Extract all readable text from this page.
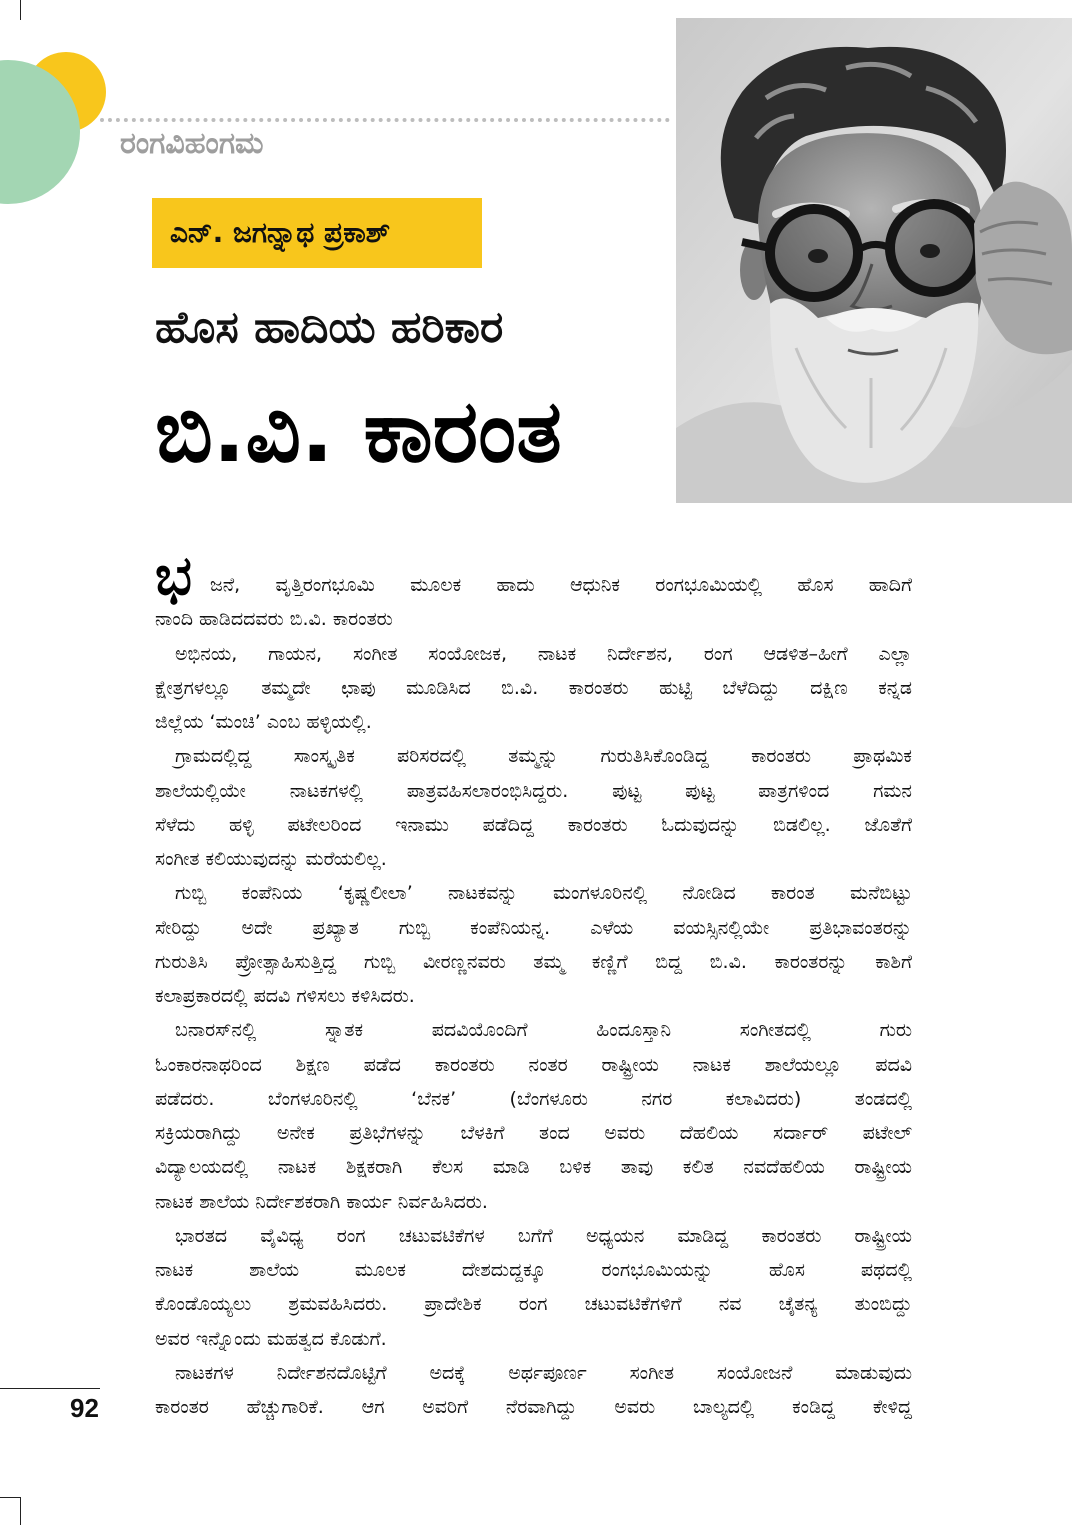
ರಂಗವಿಹಂಗಮ
ಎನ್. ಜಗನ್ನಾಥ ಪ್ರಕಾಶ್
ಹೊಸ ಹಾದಿಯ ಹರಿಕಾರ
ಬಿ.ವಿ. ಕಾರಂತ
ಭ ಜನೆ, ವೃತ್ತಿರಂಗಭೂಮಿ ಮೂಲಕ ಹಾದು ಆಧುನಿಕ ರಂಗಭೂಮಿಯಲ್ಲಿ ಹೊಸ ಹಾದಿಗೆ
ನಾಂದಿ ಹಾಡಿದದವರು ಬಿ.ವಿ. ಕಾರಂತರು
ಅಭಿನಯ, ಗಾಯನ, ಸಂಗೀತ ಸಂಯೋಜಕ, ನಾಟಕ ನಿರ್ದೇಶನ, ರಂಗ ಆಡಳಿತ–ಹೀಗೆ ಎಲ್ಲಾ
ಕ್ಷೇತ್ರಗಳಲ್ಲೂ ತಮ್ಮದೇ ಛಾಪು ಮೂಡಿಸಿದ ಬಿ.ವಿ. ಕಾರಂತರು ಹುಟ್ಟಿ ಬೆಳೆದಿದ್ದು ದಕ್ಷಿಣ ಕನ್ನಡ
ಜಿಲ್ಲೆಯ ‘ಮಂಚಿ’ ಎಂಬ ಹಳ್ಳಿಯಲ್ಲಿ.
ಗ್ರಾಮದಲ್ಲಿದ್ದ ಸಾಂಸ್ಕೃತಿಕ ಪರಿಸರದಲ್ಲಿ ತಮ್ಮನ್ನು ಗುರುತಿಸಿಕೊಂಡಿದ್ದ ಕಾರಂತರು ಪ್ರಾಥಮಿಕ
ಶಾಲೆಯಲ್ಲಿಯೇ ನಾಟಕಗಳಲ್ಲಿ ಪಾತ್ರವಹಿಸಲಾರಂಭಿಸಿದ್ದರು. ಪುಟ್ಟ ಪುಟ್ಟ ಪಾತ್ರಗಳಿಂದ ಗಮನ
ಸೆಳೆದು ಹಳ್ಳಿ ಪಟೇಲರಿಂದ ಇನಾಮು ಪಡೆದಿದ್ದ ಕಾರಂತರು ಓದುವುದನ್ನು ಬಿಡಲಿಲ್ಲ. ಜೊತೆಗೆ
ಸಂಗೀತ ಕಲಿಯುವುದನ್ನು ಮರೆಯಲಿಲ್ಲ.
ಗುಬ್ಬಿ ಕಂಪೆನಿಯ ‘ಕೃಷ್ಣಲೀಲಾ’ ನಾಟಕವನ್ನು ಮಂಗಳೂರಿನಲ್ಲಿ ನೋಡಿದ ಕಾರಂತ ಮನೆಬಿಟ್ಟು
ಸೇರಿದ್ದು ಅದೇ ಪ್ರಖ್ಯಾತ ಗುಬ್ಬಿ ಕಂಪೆನಿಯನ್ನ. ಎಳೆಯ ವಯಸ್ಸಿನಲ್ಲಿಯೇ ಪ್ರತಿಭಾವಂತರನ್ನು
ಗುರುತಿಸಿ ಪ್ರೋತ್ಸಾಹಿಸುತ್ತಿದ್ದ ಗುಬ್ಬಿ ವೀರಣ್ಣನವರು ತಮ್ಮ ಕಣ್ಣಿಗೆ ಬಿದ್ದ ಬಿ.ವಿ. ಕಾರಂತರನ್ನು ಕಾಶಿಗೆ
ಕಲಾಪ್ರಕಾರದಲ್ಲಿ ಪದವಿ ಗಳಿಸಲು ಕಳಿಸಿದರು.
ಬನಾರಸ್‌ನಲ್ಲಿ ಸ್ನಾತಕ ಪದವಿಯೊಂದಿಗೆ ಹಿಂದೂಸ್ತಾನಿ ಸಂಗೀತದಲ್ಲಿ ಗುರು
ಓಂಕಾರನಾಥರಿಂದ ಶಿಕ್ಷಣ ಪಡೆದ ಕಾರಂತರು ನಂತರ ರಾಷ್ಟ್ರೀಯ ನಾಟಕ ಶಾಲೆಯಲ್ಲೂ ಪದವಿ
ಪಡೆದರು. ಬೆಂಗಳೂರಿನಲ್ಲಿ ‘ಬೆನಕ’ (ಬೆಂಗಳೂರು ನಗರ ಕಲಾವಿದರು) ತಂಡದಲ್ಲಿ
ಸಕ್ರಿಯರಾಗಿದ್ದು ಅನೇಕ ಪ್ರತಿಭೆಗಳನ್ನು ಬೆಳಕಿಗೆ ತಂದ ಅವರು ದೆಹಲಿಯ ಸರ್ದಾರ್ ಪಟೇಲ್
ವಿದ್ಯಾಲಯದಲ್ಲಿ ನಾಟಕ ಶಿಕ್ಷಕರಾಗಿ ಕೆಲಸ ಮಾಡಿ ಬಳಿಕ ತಾವು ಕಲಿತ ನವದೆಹಲಿಯ ರಾಷ್ಟ್ರೀಯ
ನಾಟಕ ಶಾಲೆಯ ನಿರ್ದೇಶಕರಾಗಿ ಕಾರ್ಯ ನಿರ್ವಹಿಸಿದರು.
ಭಾರತದ ವೈವಿಧ್ಯ ರಂಗ ಚಟುವಟಿಕೆಗಳ ಬಗೆಗೆ ಅಧ್ಯಯನ ಮಾಡಿದ್ದ ಕಾರಂತರು ರಾಷ್ಟ್ರೀಯ
ನಾಟಕ ಶಾಲೆಯ ಮೂಲಕ ದೇಶದುದ್ದಕ್ಕೂ ರಂಗಭೂಮಿಯನ್ನು ಹೊಸ ಪಥದಲ್ಲಿ
ಕೊಂಡೊಯ್ಯಲು ಶ್ರಮವಹಿಸಿದರು. ಪ್ರಾದೇಶಿಕ ರಂಗ ಚಟುವಟಿಕೆಗಳಿಗೆ ನವ ಚೈತನ್ಯ ತುಂಬಿದ್ದು
ಅವರ ಇನ್ನೊಂದು ಮಹತ್ವದ ಕೊಡುಗೆ.
ನಾಟಕಗಳ ನಿರ್ದೇಶನದೊಟ್ಟಿಗೆ ಅದಕ್ಕೆ ಅರ್ಥಪೂರ್ಣ ಸಂಗೀತ ಸಂಯೋಜನೆ ಮಾಡುವುದು
ಕಾರಂತರ ಹೆಚ್ಚುಗಾರಿಕೆ. ಆಗ ಅವರಿಗೆ ನೆರವಾಗಿದ್ದು ಅವರು ಬಾಲ್ಯದಲ್ಲಿ ಕಂಡಿದ್ದ ಕೇಳಿದ್ದ
92
